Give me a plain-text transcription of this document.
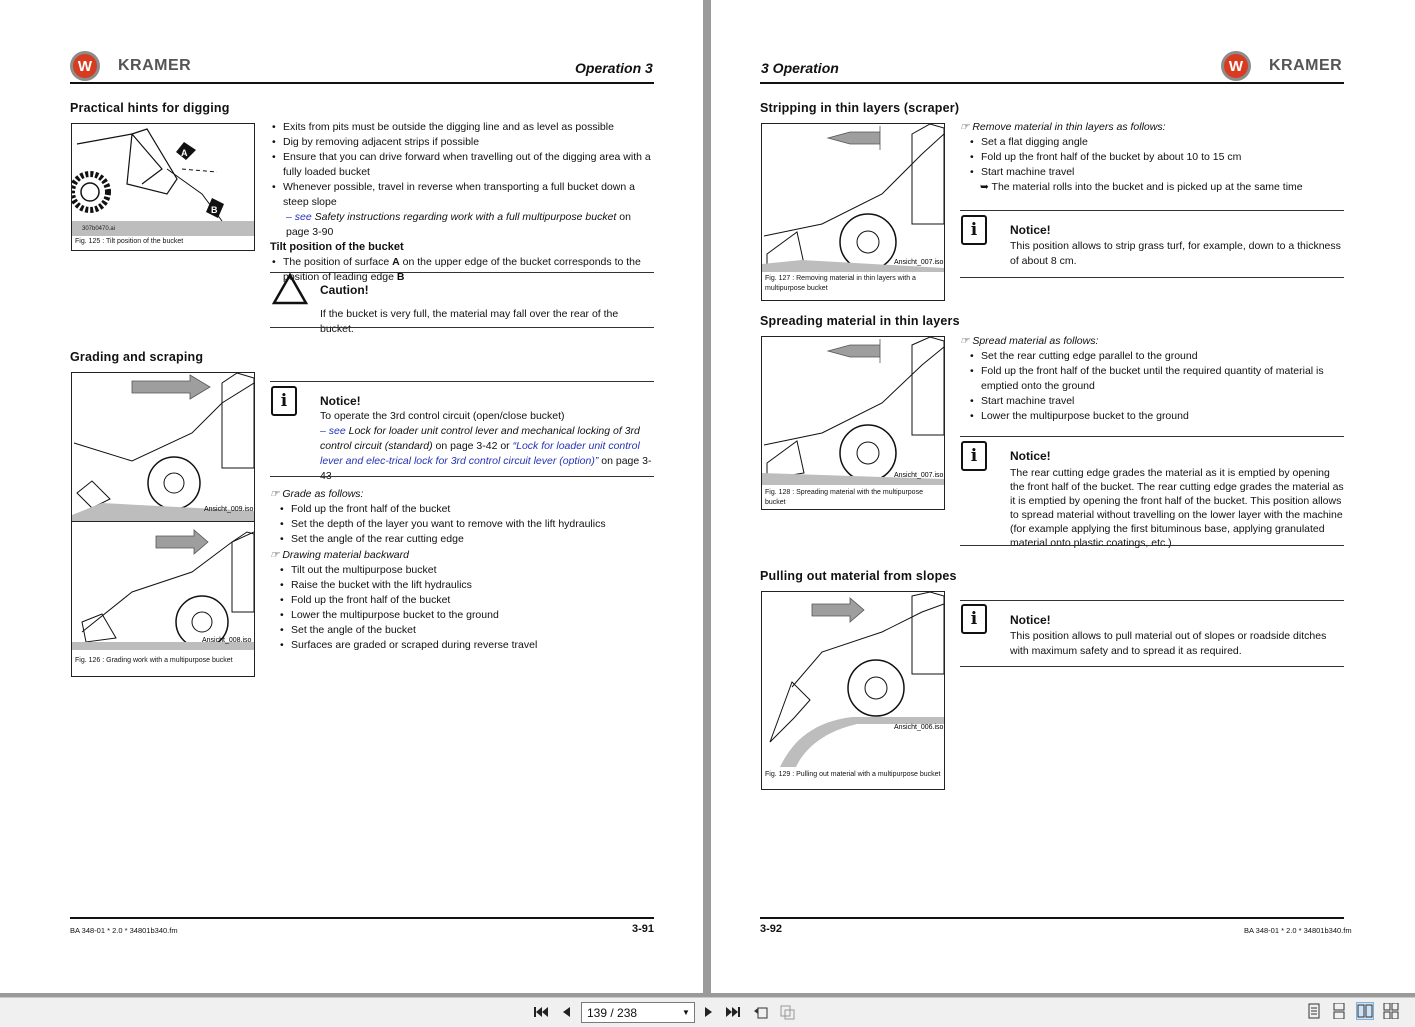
W	KRAMER	Operation 3
Practical hints for digging
A
B
307b0470.ai
Fig. 125 : Tilt position of the bucket
• Exits from pits must be outside the digging line and as level as possible
• Dig by removing adjacent strips if possible
• Ensure that you can drive forward when travelling out of the digging area with a fully loaded bucket
• Whenever possible, travel in reverse when transporting a full bucket down a steep slope
– see Safety instructions regarding work with a full multipurpose bucket on page 3-90
Tilt position of the bucket
• The position of surface A on the upper edge of the bucket corresponds to the position of leading edge B
Caution!
If the bucket is very full, the material may fall over the rear of the bucket.
Grading and scraping
Ansicht_009.iso
Ansicht_008.iso
Fig. 126 : Grading work with a multipurpose bucket
i	Notice!
To operate the 3rd control circuit (open/close bucket)
– see Lock for loader unit control lever and mechanical locking of 3rd control circuit (standard) on page 3-42 or “Lock for loader unit control lever and elec-trical lock for 3rd control circuit lever (option)” on page 3-43
☞ Grade as follows:
• Fold up the front half of the bucket
• Set the depth of the layer you want to remove with the lift hydraulics
• Set the angle of the rear cutting edge
☞ Drawing material backward
• Tilt out the multipurpose bucket
• Raise the bucket with the lift hydraulics
• Fold up the front half of the bucket
• Lower the multipurpose bucket to the ground
• Set the angle of the bucket
• Surfaces are graded or scraped during reverse travel
BA 348-01 * 2.0 * 34801b340.fm	3-91
3 Operation	W	KRAMER
Stripping in thin layers (scraper)
Ansicht_007.iso
Fig. 127 : Removing material in thin layers with a multipurpose bucket
☞ Remove material in thin layers as follows:
• Set a flat digging angle
• Fold up the front half of the bucket by about 10 to 15 cm
• Start machine travel
➥ The material rolls into the bucket and is picked up at the same time
i	Notice!
This position allows to strip grass turf, for example, down to a thickness of about 8 cm.
Spreading material in thin layers
Ansicht_007.iso
Fig. 128 : Spreading material with the multipurpose bucket
☞ Spread material as follows:
• Set the rear cutting edge parallel to the ground
• Fold up the front half of the bucket until the required quantity of material is emptied onto the ground
• Start machine travel
• Lower the multipurpose bucket to the ground
i	Notice!
The rear cutting edge grades the material as it is emptied by opening the front half of the bucket. The rear cutting edge grades the material as it is emptied by opening the front half of the bucket. This position allows to spread material without travelling on the lower layer with the machine (for example applying the first bituminous base, applying granulated material onto plastic coatings, etc.).
Pulling out material from slopes
Ansicht_006.iso
Fig. 129 : Pulling out material with a multipurpose bucket
i	Notice!
This position allows to pull material out of slopes or roadside ditches with maximum safety and to spread it as required.
3-92	BA 348-01 * 2.0 * 34801b340.fm
139 / 238	▼
